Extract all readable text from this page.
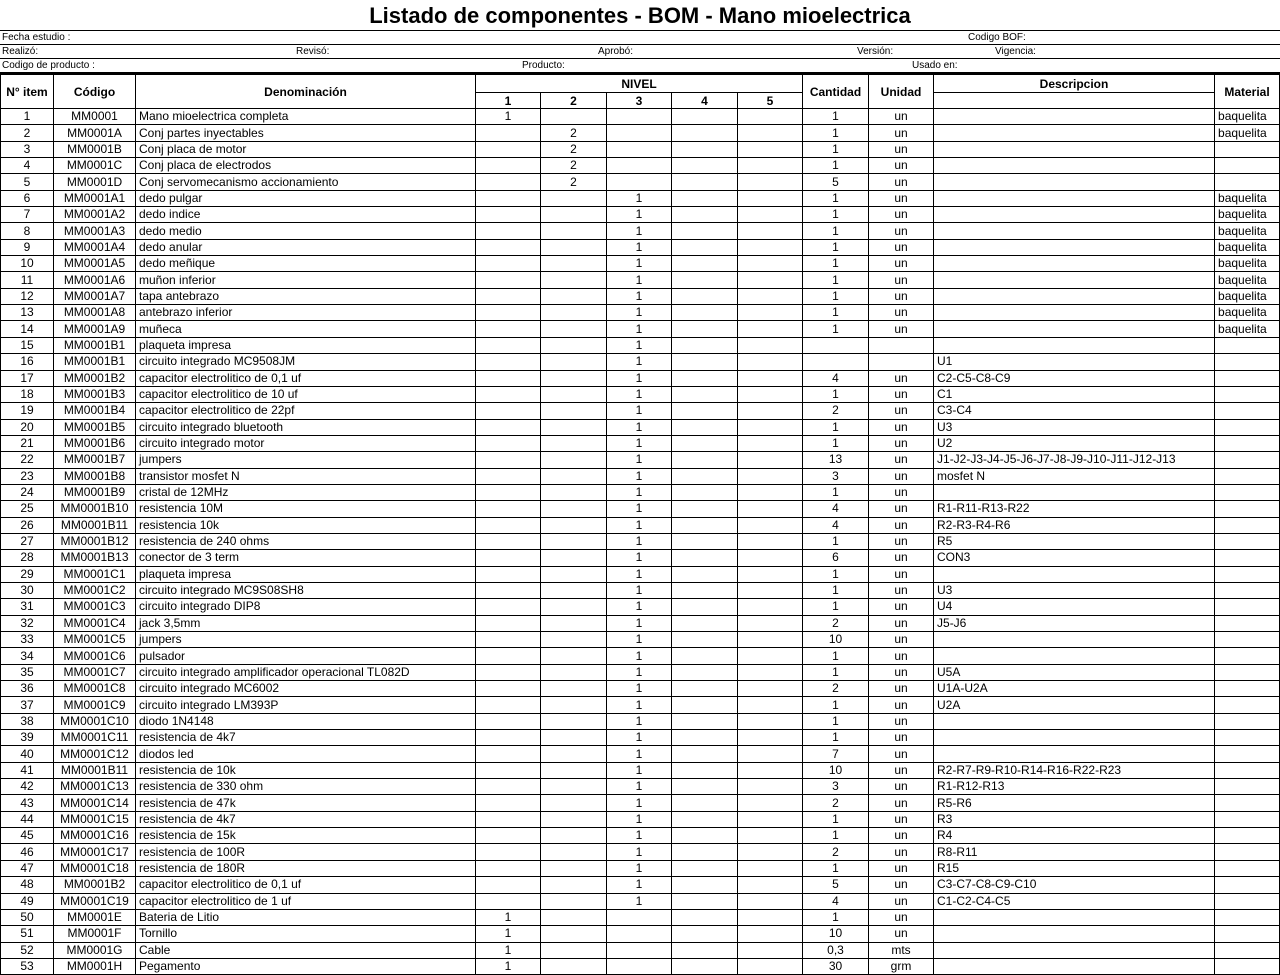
Listado de componentes - BOM - Mano mioelectrica
Fecha estudio :	Codigo BOF:
Realizó:	Revisó:	Aprobó:	Versión:	Vigencia:
Codigo de producto :	Producto:	Usado en:
N° item	Código	Denominación	NIVEL					Cantidad	Unidad	Descripcion	Material
			1	2	3	4	5				
1	MM0001	Mano mioelectrica completa	1					1	un		baquelita
2	MM0001A	Conj partes inyectables		2				1	un		baquelita
3	MM0001B	Conj placa de motor		2				1	un		
4	MM0001C	Conj placa de electrodos		2				1	un		
5	MM0001D	Conj servomecanismo accionamiento		2				5	un		
6	MM0001A1	dedo pulgar			1			1	un		baquelita
7	MM0001A2	dedo indice			1			1	un		baquelita
8	MM0001A3	dedo medio			1			1	un		baquelita
9	MM0001A4	dedo anular			1			1	un		baquelita
10	MM0001A5	dedo meñique			1			1	un		baquelita
11	MM0001A6	muñon inferior			1			1	un		baquelita
12	MM0001A7	tapa antebrazo			1			1	un		baquelita
13	MM0001A8	antebrazo inferior			1			1	un		baquelita
14	MM0001A9	muñeca			1			1	un		baquelita
15	MM0001B1	plaqueta impresa			1						
16	MM0001B1	circuito integrado MC9508JM			1					U1	
17	MM0001B2	capacitor electrolitico de 0,1 uf			1			4	un	C2-C5-C8-C9	
18	MM0001B3	capacitor electrolitico de 10 uf			1			1	un	C1	
19	MM0001B4	capacitor electrolitico de 22pf			1			2	un	C3-C4	
20	MM0001B5	circuito integrado bluetooth			1			1	un	U3	
21	MM0001B6	circuito integrado motor			1			1	un	U2	
22	MM0001B7	jumpers			1			13	un	J1-J2-J3-J4-J5-J6-J7-J8-J9-J10-J11-J12-J13	
23	MM0001B8	transistor mosfet N			1			3	un	mosfet N	
24	MM0001B9	cristal de 12MHz			1			1	un		
25	MM0001B10	resistencia 10M			1			4	un	R1-R11-R13-R22	
26	MM0001B11	resistencia 10k			1			4	un	R2-R3-R4-R6	
27	MM0001B12	resistencia de 240 ohms			1			1	un	R5	
28	MM0001B13	conector de 3 term			1			6	un	CON3	
29	MM0001C1	plaqueta impresa			1			1	un		
30	MM0001C2	circuito integrado MC9S08SH8			1			1	un	U3	
31	MM0001C3	circuito integrado DIP8			1			1	un	U4	
32	MM0001C4	jack 3,5mm			1			2	un	J5-J6	
33	MM0001C5	jumpers			1			10	un		
34	MM0001C6	pulsador			1			1	un		
35	MM0001C7	circuito integrado amplificador operacional TL082D			1			1	un	U5A	
36	MM0001C8	circuito integrado MC6002			1			2	un	U1A-U2A	
37	MM0001C9	circuito integrado LM393P			1			1	un	U2A	
38	MM0001C10	diodo 1N4148			1			1	un		
39	MM0001C11	resistencia de 4k7			1			1	un		
40	MM0001C12	diodos led			1			7	un		
41	MM0001B11	resistencia de 10k			1			10	un	R2-R7-R9-R10-R14-R16-R22-R23	
42	MM0001C13	resistencia de 330 ohm			1			3	un	R1-R12-R13	
43	MM0001C14	resistencia de 47k			1			2	un	R5-R6	
44	MM0001C15	resistencia de 4k7			1			1	un	R3	
45	MM0001C16	resistencia de 15k			1			1	un	R4	
46	MM0001C17	resistencia de 100R			1			2	un	R8-R11	
47	MM0001C18	resistencia de 180R			1			1	un	R15	
48	MM0001B2	capacitor electrolitico de 0,1 uf			1			5	un	C3-C7-C8-C9-C10	
49	MM0001C19	capacitor electrolitico de 1 uf			1			4	un	C1-C2-C4-C5	
50	MM0001E	Bateria de Litio	1					1	un		
51	MM0001F	Tornillo	1					10	un		
52	MM0001G	Cable	1					0,3	mts		
53	MM0001H	Pegamento	1					30	grm		
